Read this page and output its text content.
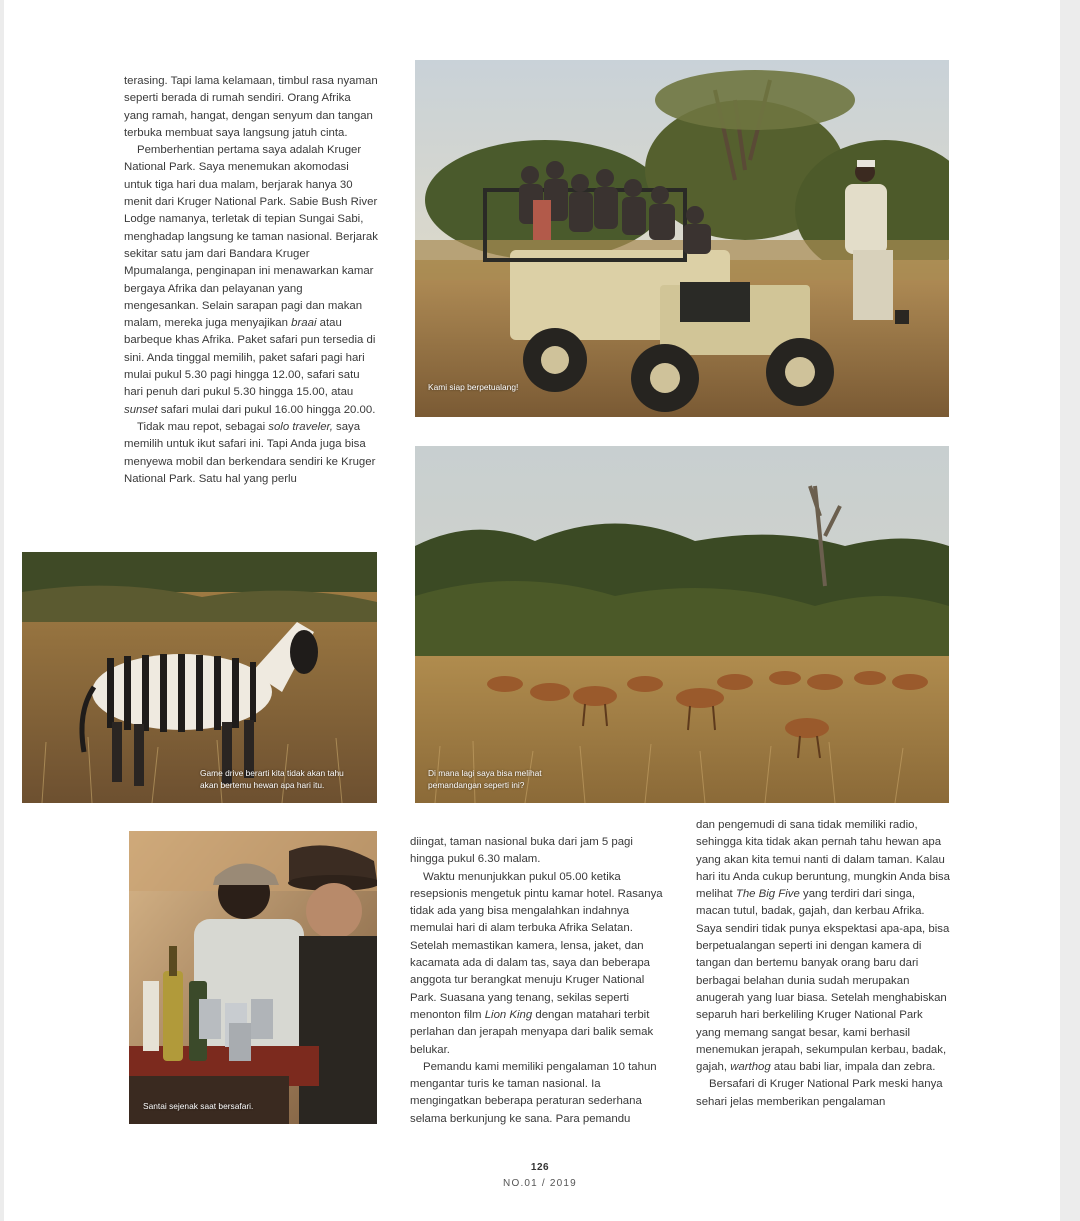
terasing. Tapi lama kelamaan, timbul rasa nyaman seperti berada di rumah sendiri. Orang Afrika yang ramah, hangat, dengan senyum dan tangan terbuka membuat saya langsung jatuh cinta.

Pemberhentian pertama saya adalah Kruger National Park. Saya menemukan akomodasi untuk tiga hari dua malam, berjarak hanya 30 menit dari Kruger National Park. Sabie Bush River Lodge namanya, terletak di tepian Sungai Sabi, menghadap langsung ke taman nasional. Berjarak sekitar satu jam dari Bandara Kruger Mpumalanga, penginapan ini menawarkan kamar bergaya Afrika dan pelayanan yang mengesankan. Selain sarapan pagi dan makan malam, mereka juga menyajikan braai atau barbeque khas Afrika. Paket safari pun tersedia di sini. Anda tinggal memilih, paket safari pagi hari mulai pukul 5.30 pagi hingga 12.00, safari satu hari penuh dari pukul 5.30 hingga 15.00, atau sunset safari mulai dari pukul 16.00 hingga 20.00.

Tidak mau repot, sebagai solo traveler, saya memilih untuk ikut safari ini. Tapi Anda juga bisa menyewa mobil dan berkendara sendiri ke Kruger National Park. Satu hal yang perlu

Kami siap berpetualang!
Di mana lagi saya bisa melihat
pemandangan seperti ini?
Game drive berarti kita tidak akan tahu
akan bertemu hewan apa hari itu.
Santai sejenak saat bersafari.

diingat, taman nasional buka dari jam 5 pagi hingga pukul 6.30 malam.

Waktu menunjukkan pukul 05.00 ketika resepsionis mengetuk pintu kamar hotel. Rasanya tidak ada yang bisa mengalahkan indahnya memulai hari di alam terbuka Afrika Selatan. Setelah memastikan kamera, lensa, jaket, dan kacamata ada di dalam tas, saya dan beberapa anggota tur berangkat menuju Kruger National Park. Suasana yang tenang, sekilas seperti menonton film Lion King dengan matahari terbit perlahan dan jerapah menyapa dari balik semak belukar.

Pemandu kami memiliki pengalaman 10 tahun mengantar turis ke taman nasional. Ia mengingatkan beberapa peraturan sederhana selama berkunjung ke sana. Para pemandu

dan pengemudi di sana tidak memiliki radio, sehingga kita tidak akan pernah tahu hewan apa yang akan kita temui nanti di dalam taman. Kalau hari itu Anda cukup beruntung, mungkin Anda bisa melihat The Big Five yang terdiri dari singa, macan tutul, badak, gajah, dan kerbau Afrika. Saya sendiri tidak punya ekspektasi apa-apa, bisa berpetualangan seperti ini dengan kamera di tangan dan bertemu banyak orang baru dari berbagai belahan dunia sudah merupakan anugerah yang luar biasa. Setelah menghabiskan separuh hari berkeliling Kruger National Park yang memang sangat besar, kami berhasil menemukan jerapah, sekumpulan kerbau, badak, gajah, warthog atau babi liar, impala dan zebra.

Bersafari di Kruger National Park meski hanya sehari jelas memberikan pengalaman

126
NO.01 / 2019
